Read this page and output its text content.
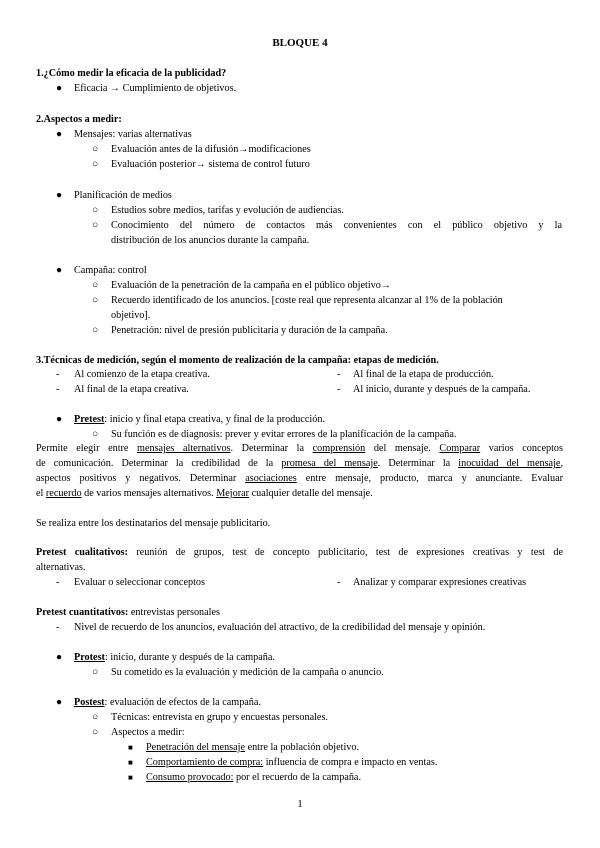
BLOQUE 4
1.¿Cómo medir la eficacia de la publicidad?
● Eficacia → Cumplimiento de objetivos.
2.Aspectos a medir:
● Mensajes: varias alternativas
○ Evaluación antes de la difusión→modificaciones
○ Evaluación posterior→ sistema de control futuro
● Planificación de medios
○ Estudios sobre medios, tarifas y evolución de audiencias.
○ Conocimiento del número de contactos más convenientes con el público objetivo y la
distribución de los anuncios durante la campaña.
● Campaña: control
○ Evaluación de la penetración de la campaña en el público objetivo→
○ Recuerdo identificado de los anuncios. [coste real que representa alcanzar al 1% de la población
objetivo].
○ Penetración: nivel de presión publicitaria y duración de la campaña.
3.Técnicas de medición, según el momento de realización de la campaña: etapas de medición.
- Al comienzo de la etapa creativa.
- Al final de la etapa creativa.
- Al final de la etapa de producción.
- Al inicio, durante y después de la campaña.
● Pretest: inicio y final etapa creativa, y final de la producción.
○ Su función es de diagnosis: prever y evitar errores de la planificación de la campaña.
Permite elegir entre mensajes alternativos. Determinar la comprensión del mensaje. Comparar varios conceptos
de comunicación. Determinar la credibilidad de la promesa del mensaje. Determinar la inocuidad del mensaje,
aspectos positivos y negativos. Determinar asociaciones entre mensaje, producto, marca y anunciante. Evaluar
el recuerdo de varios mensajes alternativos. Mejorar cualquier detalle del mensaje.
Se realiza entre los destinatarios del mensaje publicitario.
Pretest cualitativos: reunión de grupos, test de concepto publicitario, test de expresiones creativas y test de
alternativas.
- Evaluar o seleccionar conceptos	- Analizar y comparar expresiones creativas
Pretest cuantitativos: entrevistas personales
- Nivel de recuerdo de los anuncios, evaluación del atractivo, de la credibilidad del mensaje y opinión.
● Protest: inicio, durante y después de la campaña.
○ Su cometido es la evaluación y medición de la campaña o anuncio.
● Postest: evaluación de efectos de la campaña.
○ Técnicas: entrevista en grupo y encuestas personales.
○ Aspectos a medir:
■ Penetración del mensaje entre la población objetivo.
■ Comportamiento de compra: influencia de compra e impacto en ventas.
■ Consumo provocado: por el recuerdo de la campaña.
1
